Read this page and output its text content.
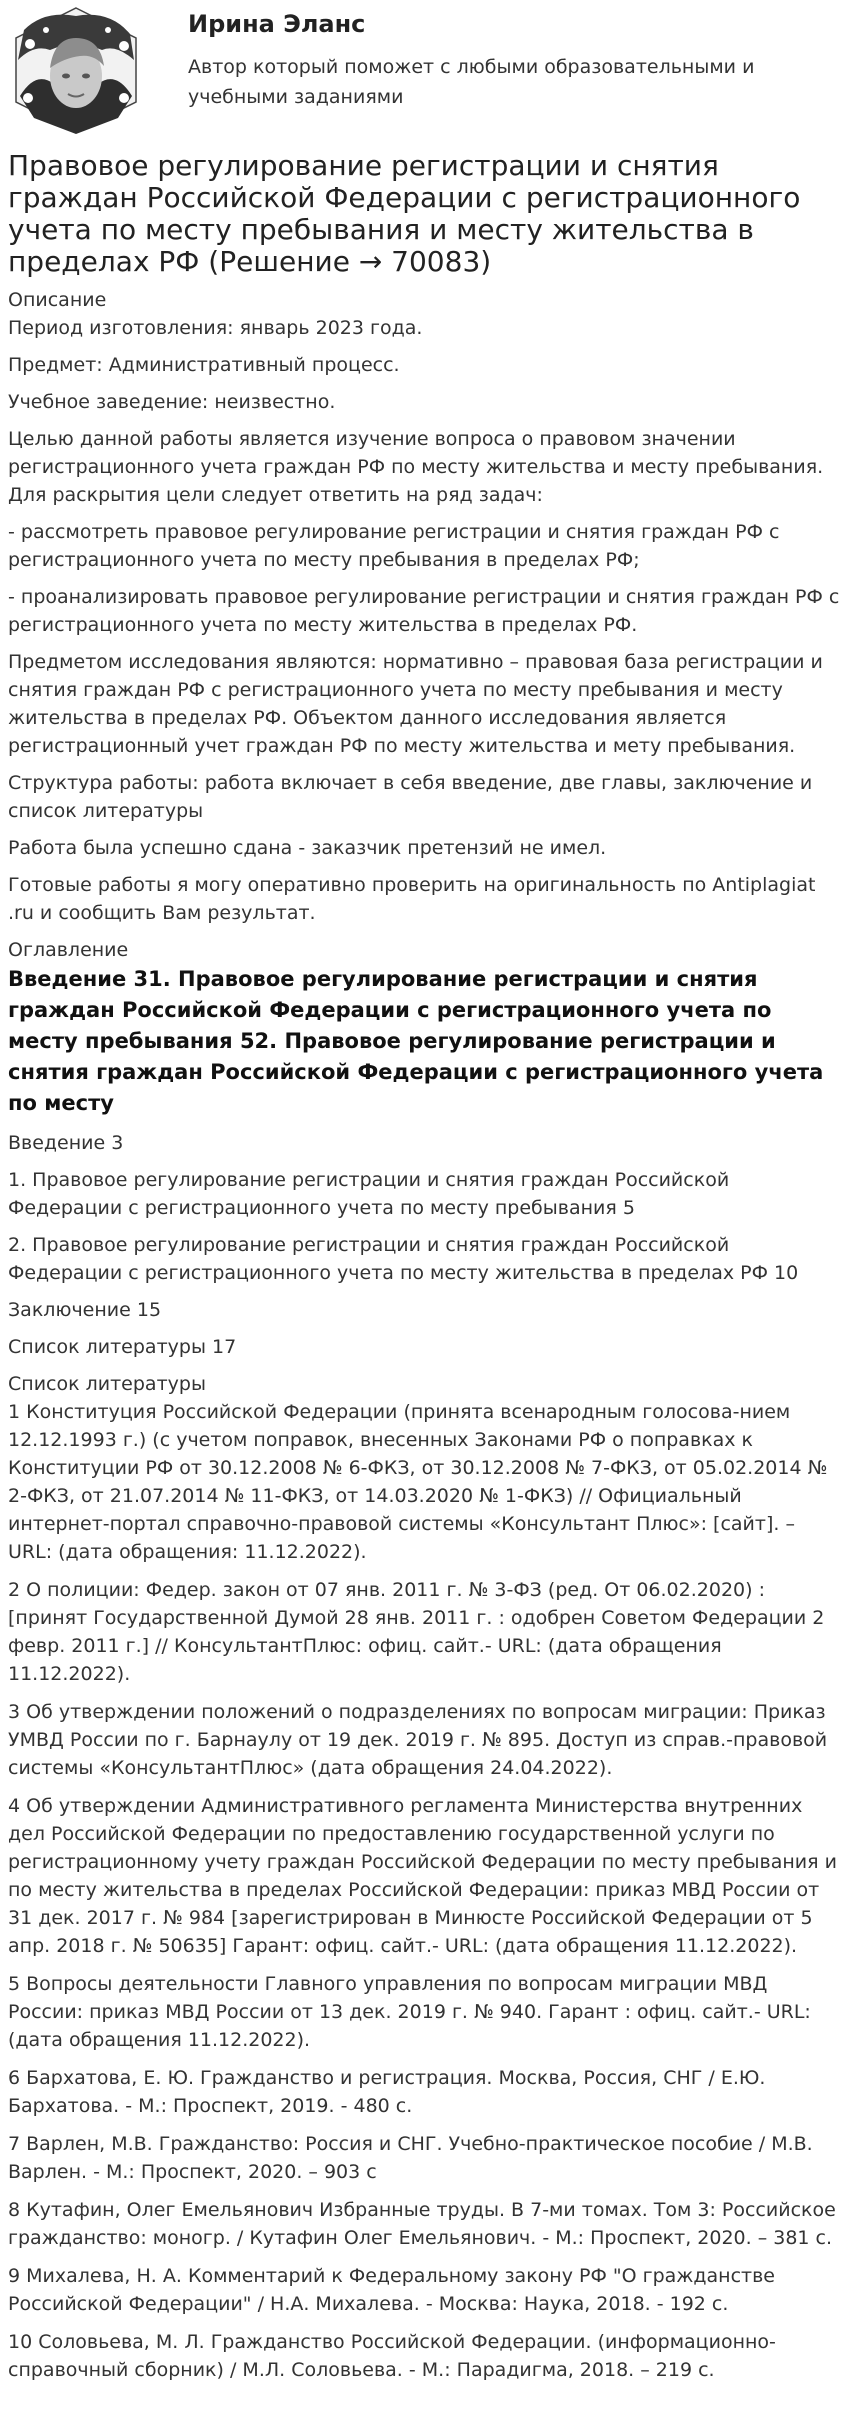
Ирина Эланс
Автор который поможет с любыми образовательными и учебными заданиями
Правовое регулирование регистрации и снятия граждан Российской Федерации с регистрационного учета по месту пребывания и месту жительства в пределах РФ (Решение → 70083)
Описание

Период изготовления: январь 2023 года.

Предмет: Административный процесс.

Учебное заведение: неизвестно.

Целью данной работы является изучение вопроса о правовом значении регистрационного учета граждан РФ по месту жительства и месту пребывания. Для раскрытия цели следует ответить на ряд задач:

- рассмотреть правовое регулирование регистрации и снятия граждан РФ с регистрационного учета по месту пребывания в пределах РФ;

- проанализировать правовое регулирование регистрации и снятия граждан РФ с регистрационного учета по месту жительства в пределах РФ.

Предметом исследования являются: нормативно – правовая база регистрации и снятия граждан РФ с регистрационного учета по месту пребывания и месту жительства в пределах РФ. Объектом данного исследования является регистрационный учет граждан РФ по месту жительства и мету пребывания.

Структура работы: работа включает в себя введение, две главы, заключение и список литературы

Работа была успешно сдана - заказчик претензий не имел.

Готовые работы я могу оперативно проверить на оригинальность по Antiplagiat .ru и сообщить Вам результат.

Оглавление
Введение 31. Правовое регулирование регистрации и снятия граждан Российской Федерации с регистрационного учета по месту пребывания 52. Правовое регулирование регистрации и снятия граждан Российской Федерации с регистрационного учета по месту

Введение 3

1. Правовое регулирование регистрации и снятия граждан Российской Федерации с регистрационного учета по месту пребывания 5

2. Правовое регулирование регистрации и снятия граждан Российской Федерации с регистрационного учета по месту жительства в пределах РФ 10

Заключение 15

Список литературы 17

Список литературы

1 Конституция Российской Федерации (принята всенародным голосова-нием 12.12.1993 г.) (с учетом поправок, внесенных Законами РФ о поправках к Конституции РФ от 30.12.2008 № 6-ФКЗ, от 30.12.2008 № 7-ФКЗ, от 05.02.2014 № 2-ФКЗ, от 21.07.2014 № 11-ФКЗ, от 14.03.2020 № 1-ФКЗ) // Официальный интернет-портал справочно-правовой системы «Консультант Плюс»: [сайт]. – URL: (дата обращения: 11.12.2022).

2 О полиции: Федер. закон от 07 янв. 2011 г. № 3-ФЗ (ред. От 06.02.2020) : [принят Государственной Думой 28 янв. 2011 г. : одобрен Советом Федерации 2 февр. 2011 г.] // КонсультантПлюс: офиц. сайт.- URL: (дата обращения 11.12.2022).

3 Об утверждении положений о подразделениях по вопросам миграции: Приказ УМВД России по г. Барнаулу от 19 дек. 2019 г. № 895. Доступ из справ.-правовой системы «КонсультантПлюс» (дата обращения 24.04.2022).

4 Об утверждении Административного регламента Министерства внутренних дел Российской Федерации по предоставлению государственной услуги по регистрационному учету граждан Российской Федерации по месту пребывания и по месту жительства в пределах Российской Федерации: приказ МВД России от 31 дек. 2017 г. № 984 [зарегистрирован в Минюсте Российской Федерации от 5 апр. 2018 г. № 50635] Гарант: офиц. сайт.- URL: (дата обращения 11.12.2022).

5 Вопросы деятельности Главного управления по вопросам миграции МВД России: приказ МВД России от 13 дек. 2019 г. № 940. Гарант : офиц. сайт.- URL: (дата обращения 11.12.2022).

6 Бархатова, Е. Ю. Гражданство и регистрация. Москва, Россия, СНГ / Е.Ю. Бархатова. - М.: Проспект, 2019. - 480 с.

7 Варлен, М.В. Гражданство: Россия и СНГ. Учебно-практическое пособие / М.В. Варлен. - М.: Проспект, 2020. – 903 с

8 Кутафин, Олег Емельянович Избранные труды. В 7-ми томах. Том 3: Российское гражданство: моногр. / Кутафин Олег Емельянович. - М.: Проспект, 2020. – 381 с.

9 Михалева, Н. А. Комментарий к Федеральному закону РФ "О гражданстве Российской Федерации" / Н.А. Михалева. - Москва: Наука, 2018. - 192 с.

10 Соловьева, М. Л. Гражданство Российской Федерации. (информационно-справочный сборник) / М.Л. Соловьева. - М.: Парадигма, 2018. – 219 с.
